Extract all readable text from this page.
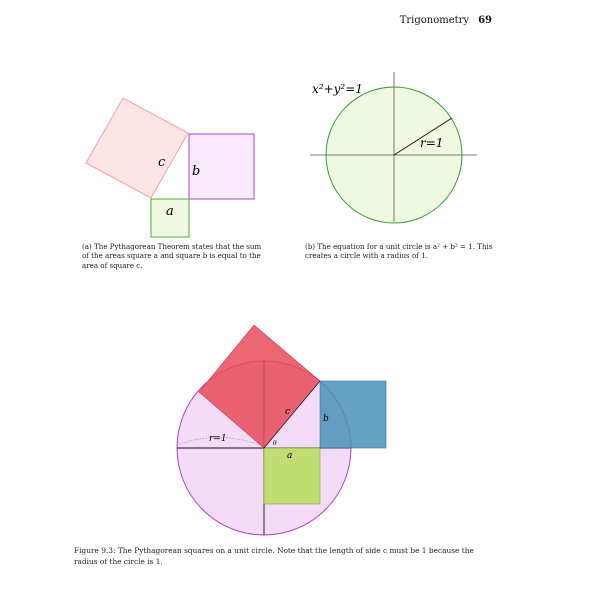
Trigonometry 69
c
b
a
x²+y²=1
r=1
c
b
a
r=1	θ
(a) The Pythagorean Theorem states that the sum of the areas square a and square b is equal to the area of square c.
(b) The equation for a unit circle is a² + b² = 1. This creates a circle with a radius of 1.
Figure 9.3: The Pythagorean squares on a unit circle. Note that the length of side c must be 1 because the radius of the circle is 1.
